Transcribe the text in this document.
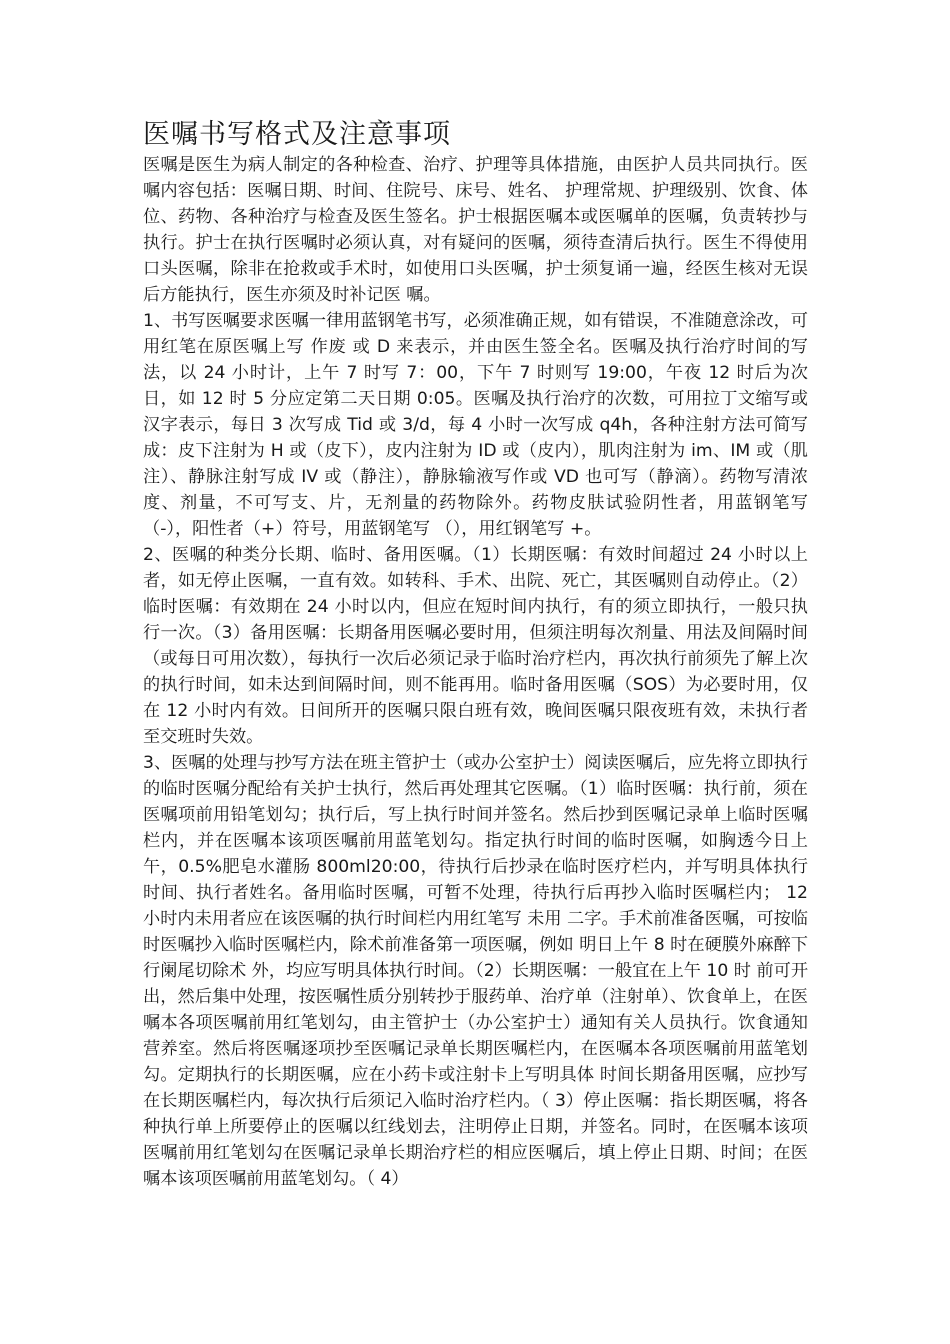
医嘱书写格式及注意事项

医嘱是医生为病人制定的各种检查、治疗、护理等具体措施，由医护人员共同执行。医嘱内容包括：医嘱日期、时间、住院号、床号、姓名、 护理常规、护理级别、饮食、体位、药物、各种治疗与检查及医生签名。护士根据医嘱本或医嘱单的医嘱，负责转抄与执行。护士在执行医嘱时必须认真，对有疑问的医嘱，须待查清后执行。医生不得使用口头医嘱，除非在抢救或手术时，如使用口头医嘱，护士须复诵一遍，经医生核对无误后方能执行，医生亦须及时补记医 嘱。

1、书写医嘱要求医嘱一律用蓝钢笔书写，必须准确正规，如有错误，不准随意涂改，可用红笔在原医嘱上写 作废 或 D 来表示，并由医生签全名。医嘱及执行治疗时间的写法，以 24 小时计，上午 7 时写 7：00，下午 7 时则写 19:00，午夜 12 时后为次日，如 12 时 5 分应定第二天日期 0:05。医嘱及执行治疗的次数，可用拉丁文缩写或汉字表示，每日 3 次写成 Tid 或 3/d，每 4 小时一次写成 q4h，各种注射方法可简写成：皮下注射为 H 或（皮下），皮内注射为 ID 或（皮内），肌肉注射为 im、IM 或（肌注）、静脉注射写成 IV 或（静注），静脉输液写作或 VD 也可写（静滴）。药物写清浓度、剂量，不可写支、片，无剂量的药物除外。药物皮肤试验阴性者，用蓝钢笔写（-），阳性者（+）符号，用蓝钢笔写 （），用红钢笔写 +。

2、医嘱的种类分长期、临时、备用医嘱。（1）长期医嘱：有效时间超过 24 小时以上者，如无停止医嘱，一直有效。如转科、手术、出院、死亡，其医嘱则自动停止。（2）临时医嘱：有效期在 24 小时以内，但应在短时间内执行，有的须立即执行，一般只执行一次。（3）备用医嘱：长期备用医嘱必要时用，但须注明每次剂量、用法及间隔时间（或每日可用次数），每执行一次后必须记录于临时治疗栏内，再次执行前须先了解上次的执行时间，如未达到间隔时间，则不能再用。临时备用医嘱（SOS）为必要时用，仅在 12 小时内有效。日间所开的医嘱只限白班有效，晚间医嘱只限夜班有效，未执行者至交班时失效。

3、医嘱的处理与抄写方法在班主管护士（或办公室护士）阅读医嘱后，应先将立即执行的临时医嘱分配给有关护士执行，然后再处理其它医嘱。（1）临时医嘱：执行前，须在医嘱项前用铅笔划勾；执行后，写上执行时间并签名。然后抄到医嘱记录单上临时医嘱栏内，并在医嘱本该项医嘱前用蓝笔划勾。指定执行时间的临时医嘱，如胸透今日上午，0.5%肥皂水灌肠 800ml20:00，待执行后抄录在临时医疗栏内，并写明具体执行时间、执行者姓名。备用临时医嘱，可暂不处理，待执行后再抄入临时医嘱栏内； 12 小时内未用者应在该医嘱的执行时间栏内用红笔写 未用 二字。手术前准备医嘱，可按临时医嘱抄入临时医嘱栏内，除术前准备第一项医嘱，例如 明日上午 8 时在硬膜外麻醉下行阑尾切除术 外，均应写明具体执行时间。（2）长期医嘱：一般宜在上午 10 时 前可开出，然后集中处理，按医嘱性质分别转抄于服药单、治疗单（注射单）、饮食单上，在医嘱本各项医嘱前用红笔划勾，由主管护士（办公室护士）通知有关人员执行。饮食通知营养室。然后将医嘱逐项抄至医嘱记录单长期医嘱栏内，在医嘱本各项医嘱前用蓝笔划勾。定期执行的长期医嘱，应在小药卡或注射卡上写明具体 时间长期备用医嘱，应抄写在长期医嘱栏内，每次执行后须记入临时治疗栏内。（ 3）停止医嘱：指长期医嘱，将各种执行单上所要停止的医嘱以红线划去，注明停止日期，并签名。同时，在医嘱本该项医嘱前用红笔划勾在医嘱记录单长期治疗栏的相应医嘱后，填上停止日期、时间；在医嘱本该项医嘱前用蓝笔划勾。（ 4）
